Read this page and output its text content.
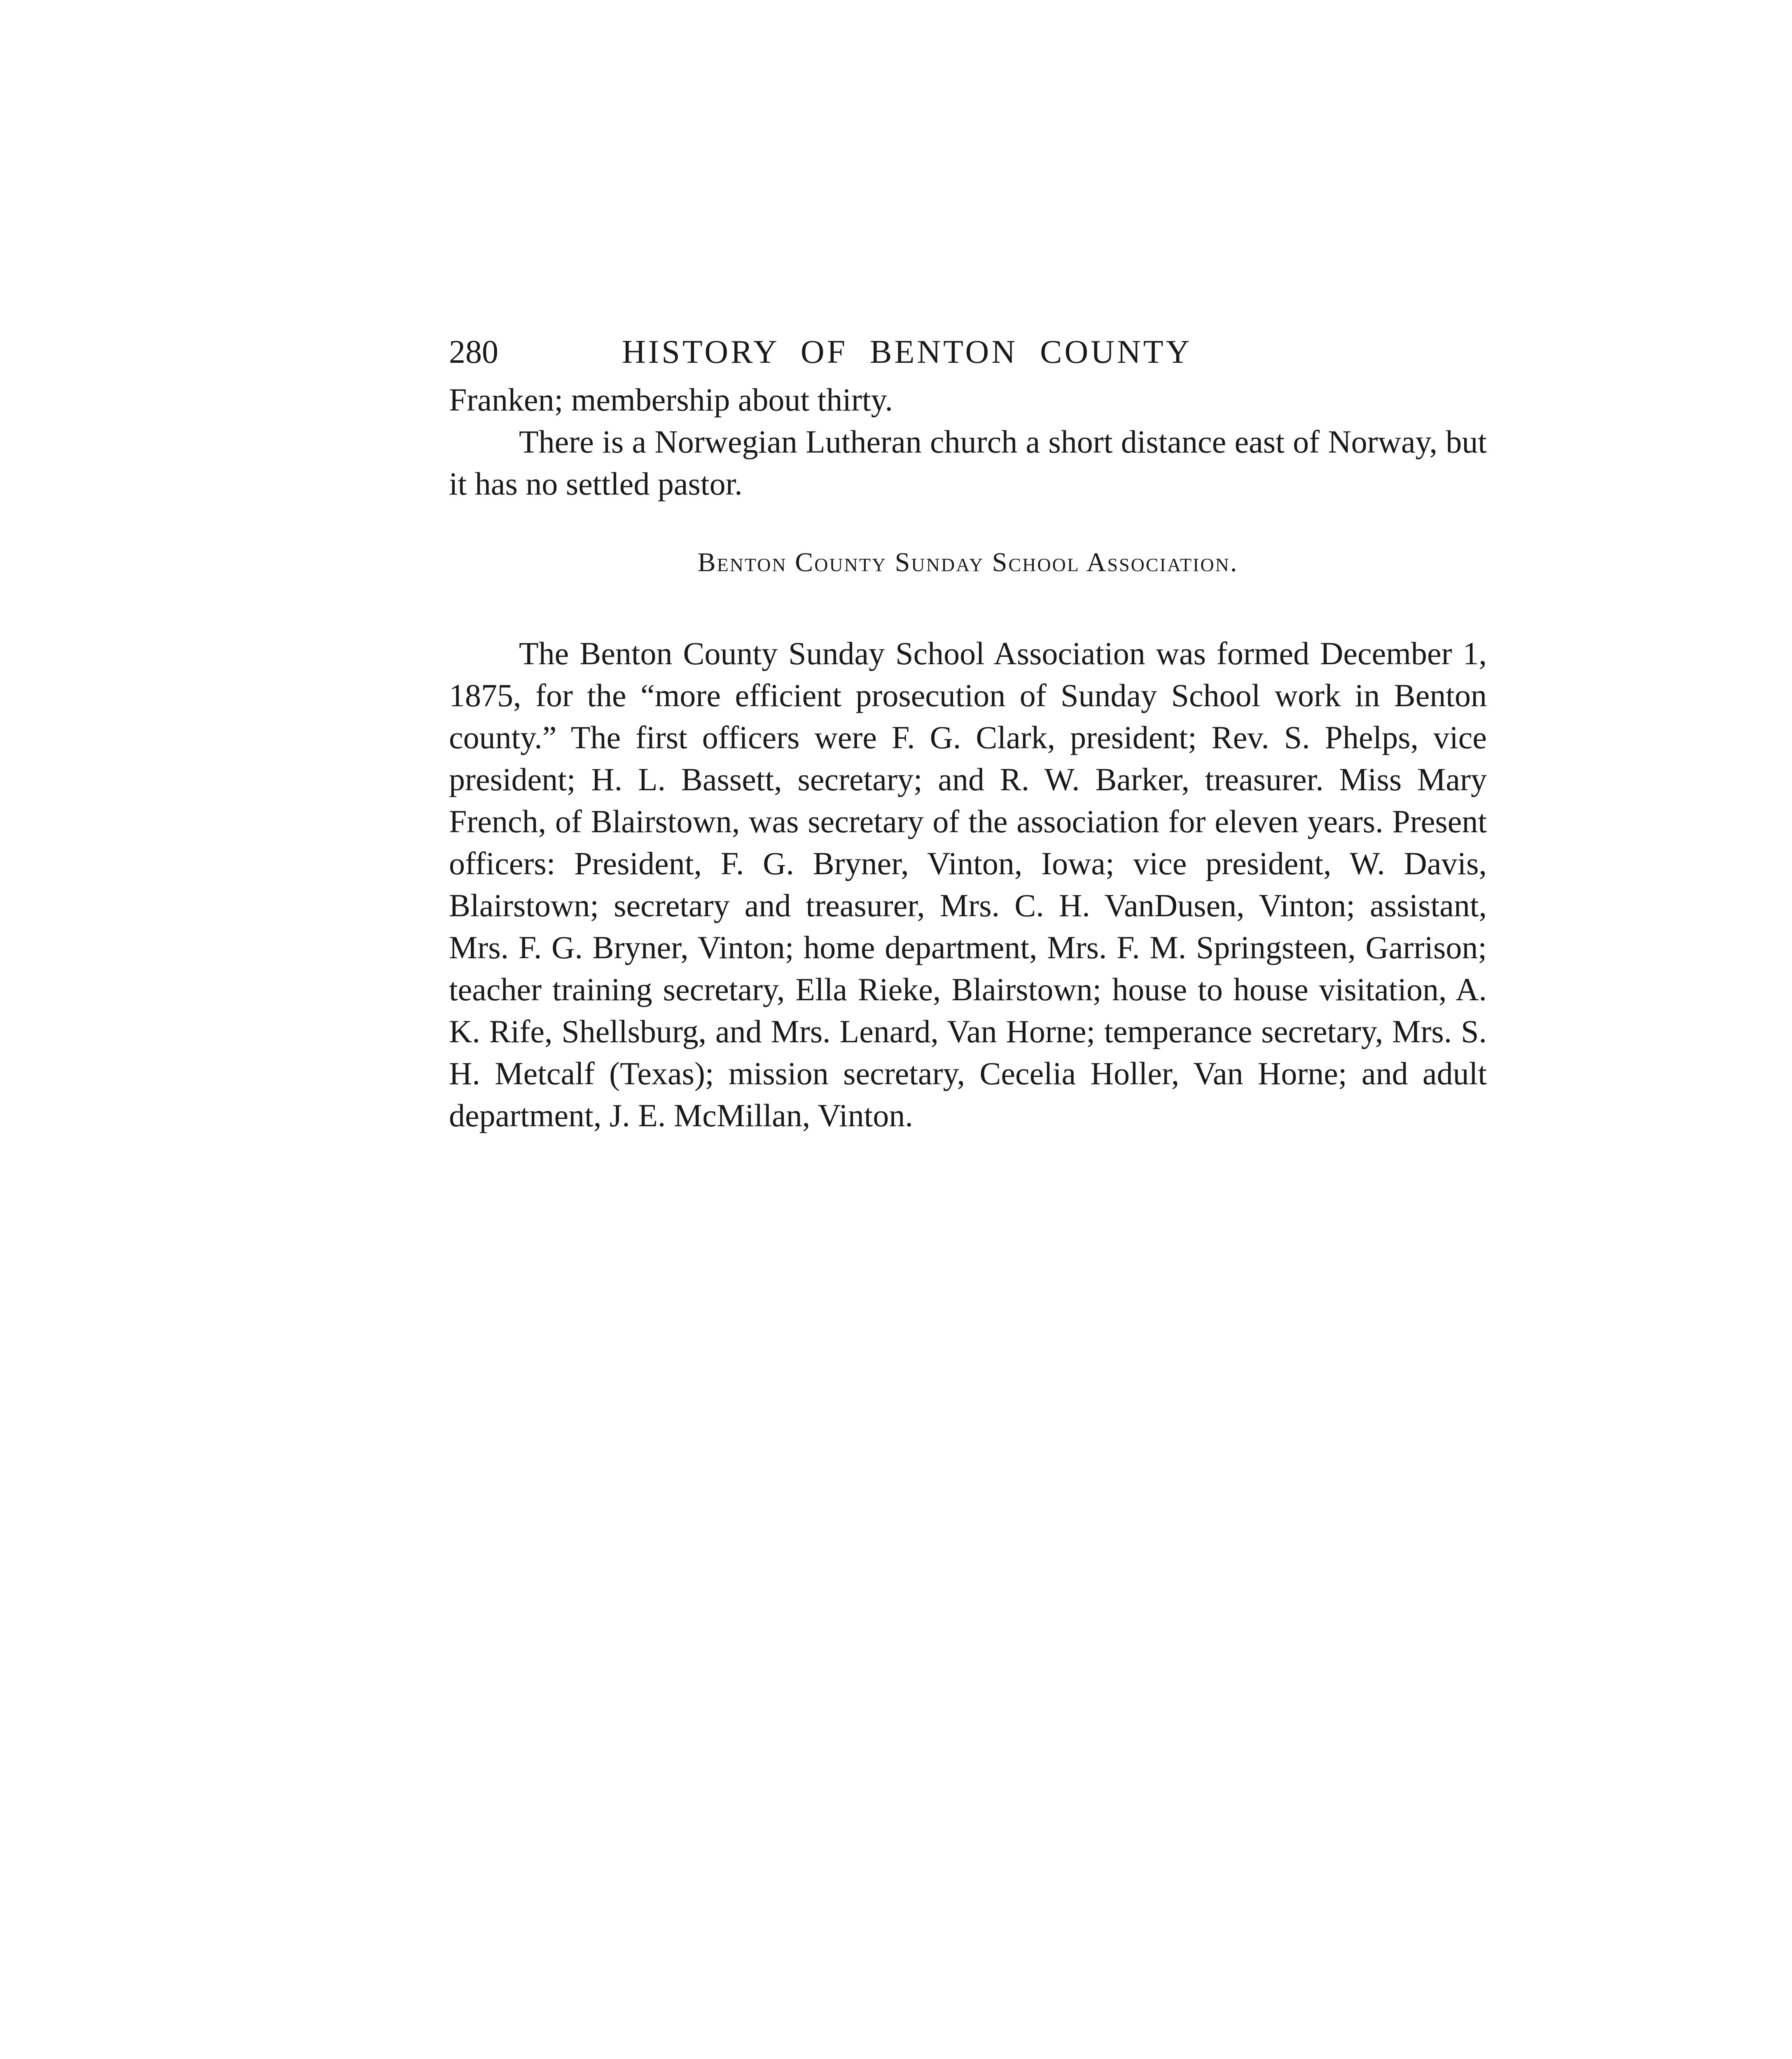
280	HISTORY OF BENTON COUNTY

Franken; membership about thirty.

There is a Norwegian Lutheran church a short distance east of Norway, but it has no settled pastor.

Benton County Sunday School Association.

The Benton County Sunday School Association was formed December 1, 1875, for the “more efficient prosecution of Sunday School work in Benton county.” The first officers were F. G. Clark, president; Rev. S. Phelps, vice president; H. L. Bassett, secretary; and R. W. Barker, treasurer. Miss Mary French, of Blairstown, was secretary of the association for eleven years. Present officers: President, F. G. Bryner, Vinton, Iowa; vice president, W. Davis, Blairstown; secretary and treasurer, Mrs. C. H. VanDusen, Vinton; assistant, Mrs. F. G. Bryner, Vinton; home department, Mrs. F. M. Springsteen, Garrison; teacher training secretary, Ella Rieke, Blairstown; house to house visitation, A. K. Rife, Shellsburg, and Mrs. Lenard, Van Horne; temperance secretary, Mrs. S. H. Metcalf (Texas); mission secretary, Cecelia Holler, Van Horne; and adult department, J. E. McMillan, Vinton.
